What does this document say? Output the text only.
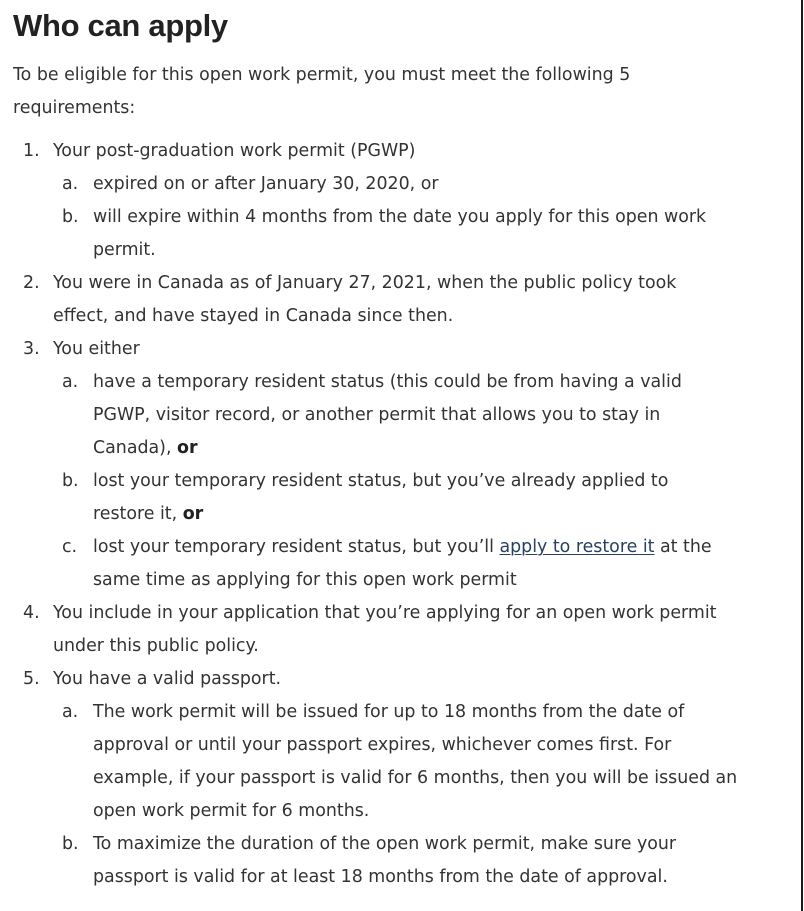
Who can apply

To be eligible for this open work permit, you must meet the following 5 requirements:

1. Your post-graduation work permit (PGWP)
a. expired on or after January 30, 2020, or
b. will expire within 4 months from the date you apply for this open work permit.
2. You were in Canada as of January 27, 2021, when the public policy took effect, and have stayed in Canada since then.
3. You either
a. have a temporary resident status (this could be from having a valid PGWP, visitor record, or another permit that allows you to stay in Canada), or
b. lost your temporary resident status, but you’ve already applied to restore it, or
c. lost your temporary resident status, but you’ll apply to restore it at the same time as applying for this open work permit
4. You include in your application that you’re applying for an open work permit under this public policy.
5. You have a valid passport.
a. The work permit will be issued for up to 18 months from the date of approval or until your passport expires, whichever comes first. For example, if your passport is valid for 6 months, then you will be issued an open work permit for 6 months.
b. To maximize the duration of the open work permit, make sure your passport is valid for at least 18 months from the date of approval.
